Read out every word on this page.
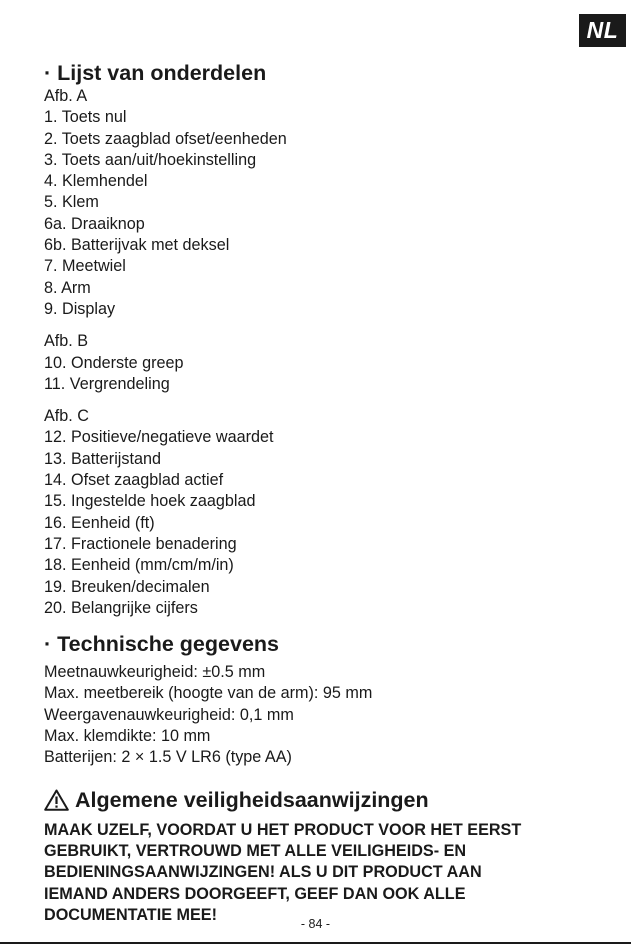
NL
· Lijst van onderdelen
Afb. A
1. Toets nul
2. Toets zaagblad ofset/eenheden
3. Toets aan/uit/hoekinstelling
4. Klemhendel
5. Klem
6a. Draaiknop
6b. Batterijvak met deksel
7. Meetwiel
8. Arm
9. Display
Afb. B
10. Onderste greep
11. Vergrendeling
Afb. C
12. Positieve/negatieve waardet
13. Batterijstand
14. Ofset zaagblad actief
15. Ingestelde hoek zaagblad
16. Eenheid (ft)
17. Fractionele benadering
18. Eenheid (mm/cm/m/in)
19. Breuken/decimalen
20. Belangrijke cijfers
· Technische gegevens
Meetnauwkeurigheid: ±0.5 mm
Max. meetbereik (hoogte van de arm): 95 mm
Weergavenauwkeurigheid: 0,1 mm
Max. klemdikte: 10 mm
Batterijen: 2 × 1.5 V LR6 (type AA)
Algemene veiligheidsaanwijzingen
MAAK UZELF, VOORDAT U HET PRODUCT VOOR HET EERST
GEBRUIKT, VERTROUWD MET ALLE VEILIGHEIDS- EN
BEDIENINGSAANWIJZINGEN! ALS U DIT PRODUCT AAN
IEMAND ANDERS DOORGEEFT, GEEF DAN OOK ALLE
DOCUMENTATIE MEE!
- 84 -
